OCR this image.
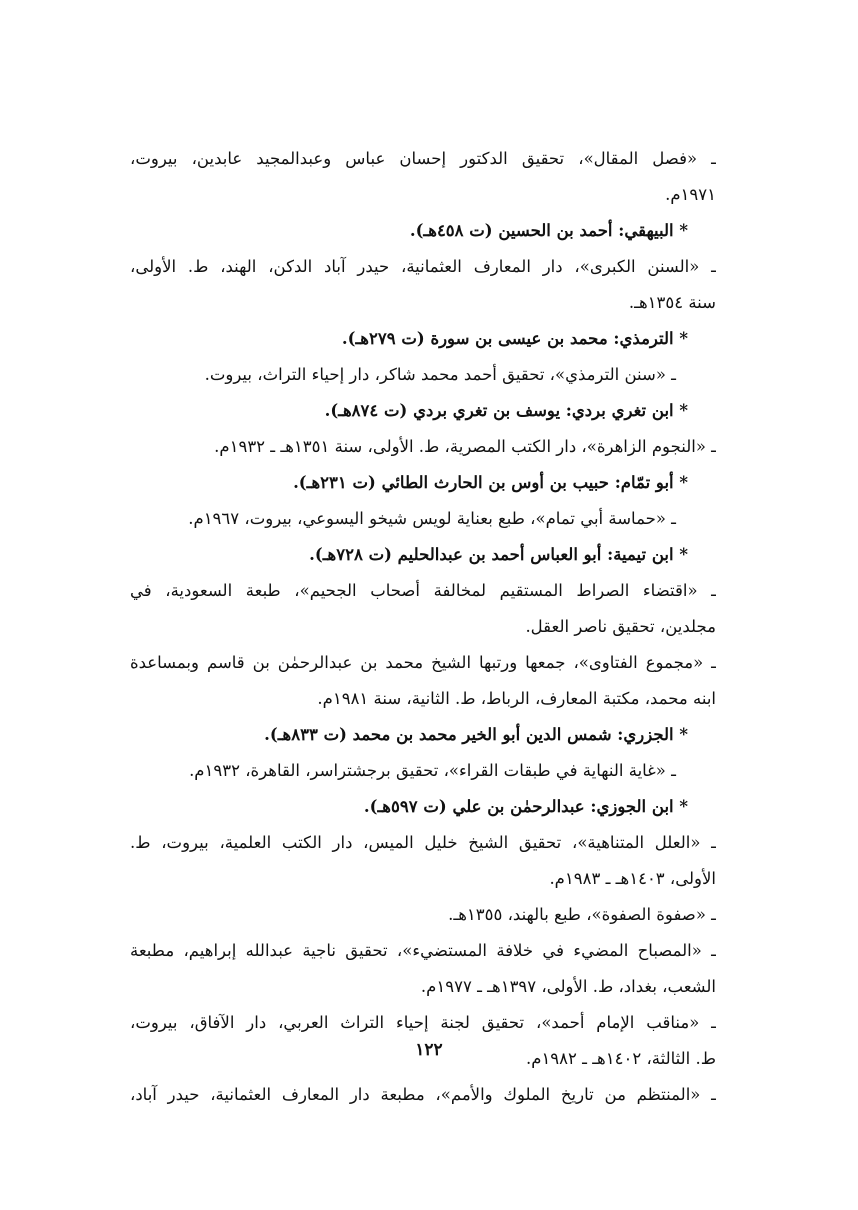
ـ «فصل المقال»، تحقيق الدكتور إحسان عباس وعبدالمجيد عابدين، بيروت،
١٩٧١م.
* البيهقي: أحمد بن الحسين (ت ٤٥٨هـ).
ـ «السنن الكبرى»، دار المعارف العثمانية، حيدر آباد الدكن، الهند، ط. الأولى،
سنة ١٣٥٤هـ.
* الترمذي: محمد بن عيسى بن سورة (ت ٢٧٩هـ).
ـ «سنن الترمذي»، تحقيق أحمد محمد شاكر، دار إحياء التراث، بيروت.
* ابن تغري بردي: يوسف بن تغري بردي (ت ٨٧٤هـ).
ـ «النجوم الزاهرة»، دار الكتب المصرية، ط. الأولى، سنة ١٣٥١هـ ـ ١٩٣٢م.
* أبو تمّام: حبيب بن أوس بن الحارث الطائي (ت ٢٣١هـ).
ـ «حماسة أبي تمام»، طبع بعناية لويس شيخو اليسوعي، بيروت، ١٩٦٧م.
* ابن تيمية: أبو العباس أحمد بن عبدالحليم (ت ٧٢٨هـ).
ـ «اقتضاء الصراط المستقيم لمخالفة أصحاب الجحيم»، طبعة السعودية، في
مجلدين، تحقيق ناصر العقل.
ـ «مجموع الفتاوى»، جمعها ورتبها الشيخ محمد بن عبدالرحمٰن بن قاسم وبمساعدة
ابنه محمد، مكتبة المعارف، الرباط، ط. الثانية، سنة ١٩٨١م.
* الجزري: شمس الدين أبو الخير محمد بن محمد (ت ٨٣٣هـ).
ـ «غاية النهاية في طبقات القراء»، تحقيق برجشتراسر، القاهرة، ١٩٣٢م.
* ابن الجوزي: عبدالرحمٰن بن علي (ت ٥٩٧هـ).
ـ «العلل المتناهية»، تحقيق الشيخ خليل الميس، دار الكتب العلمية، بيروت، ط.
الأولى، ١٤٠٣هـ ـ ١٩٨٣م.
ـ «صفوة الصفوة»، طبع بالهند، ١٣٥٥هـ.
ـ «المصباح المضيء في خلافة المستضيء»، تحقيق ناجية عبدالله إبراهيم، مطبعة
الشعب، بغداد، ط. الأولى، ١٣٩٧هـ ـ ١٩٧٧م.
ـ «مناقب الإمام أحمد»، تحقيق لجنة إحياء التراث العربي، دار الآفاق، بيروت،
ط. الثالثة، ١٤٠٢هـ ـ ١٩٨٢م.
ـ «المنتظم من تاريخ الملوك والأمم»، مطبعة دار المعارف العثمانية، حيدر آباد،
١٢٢
